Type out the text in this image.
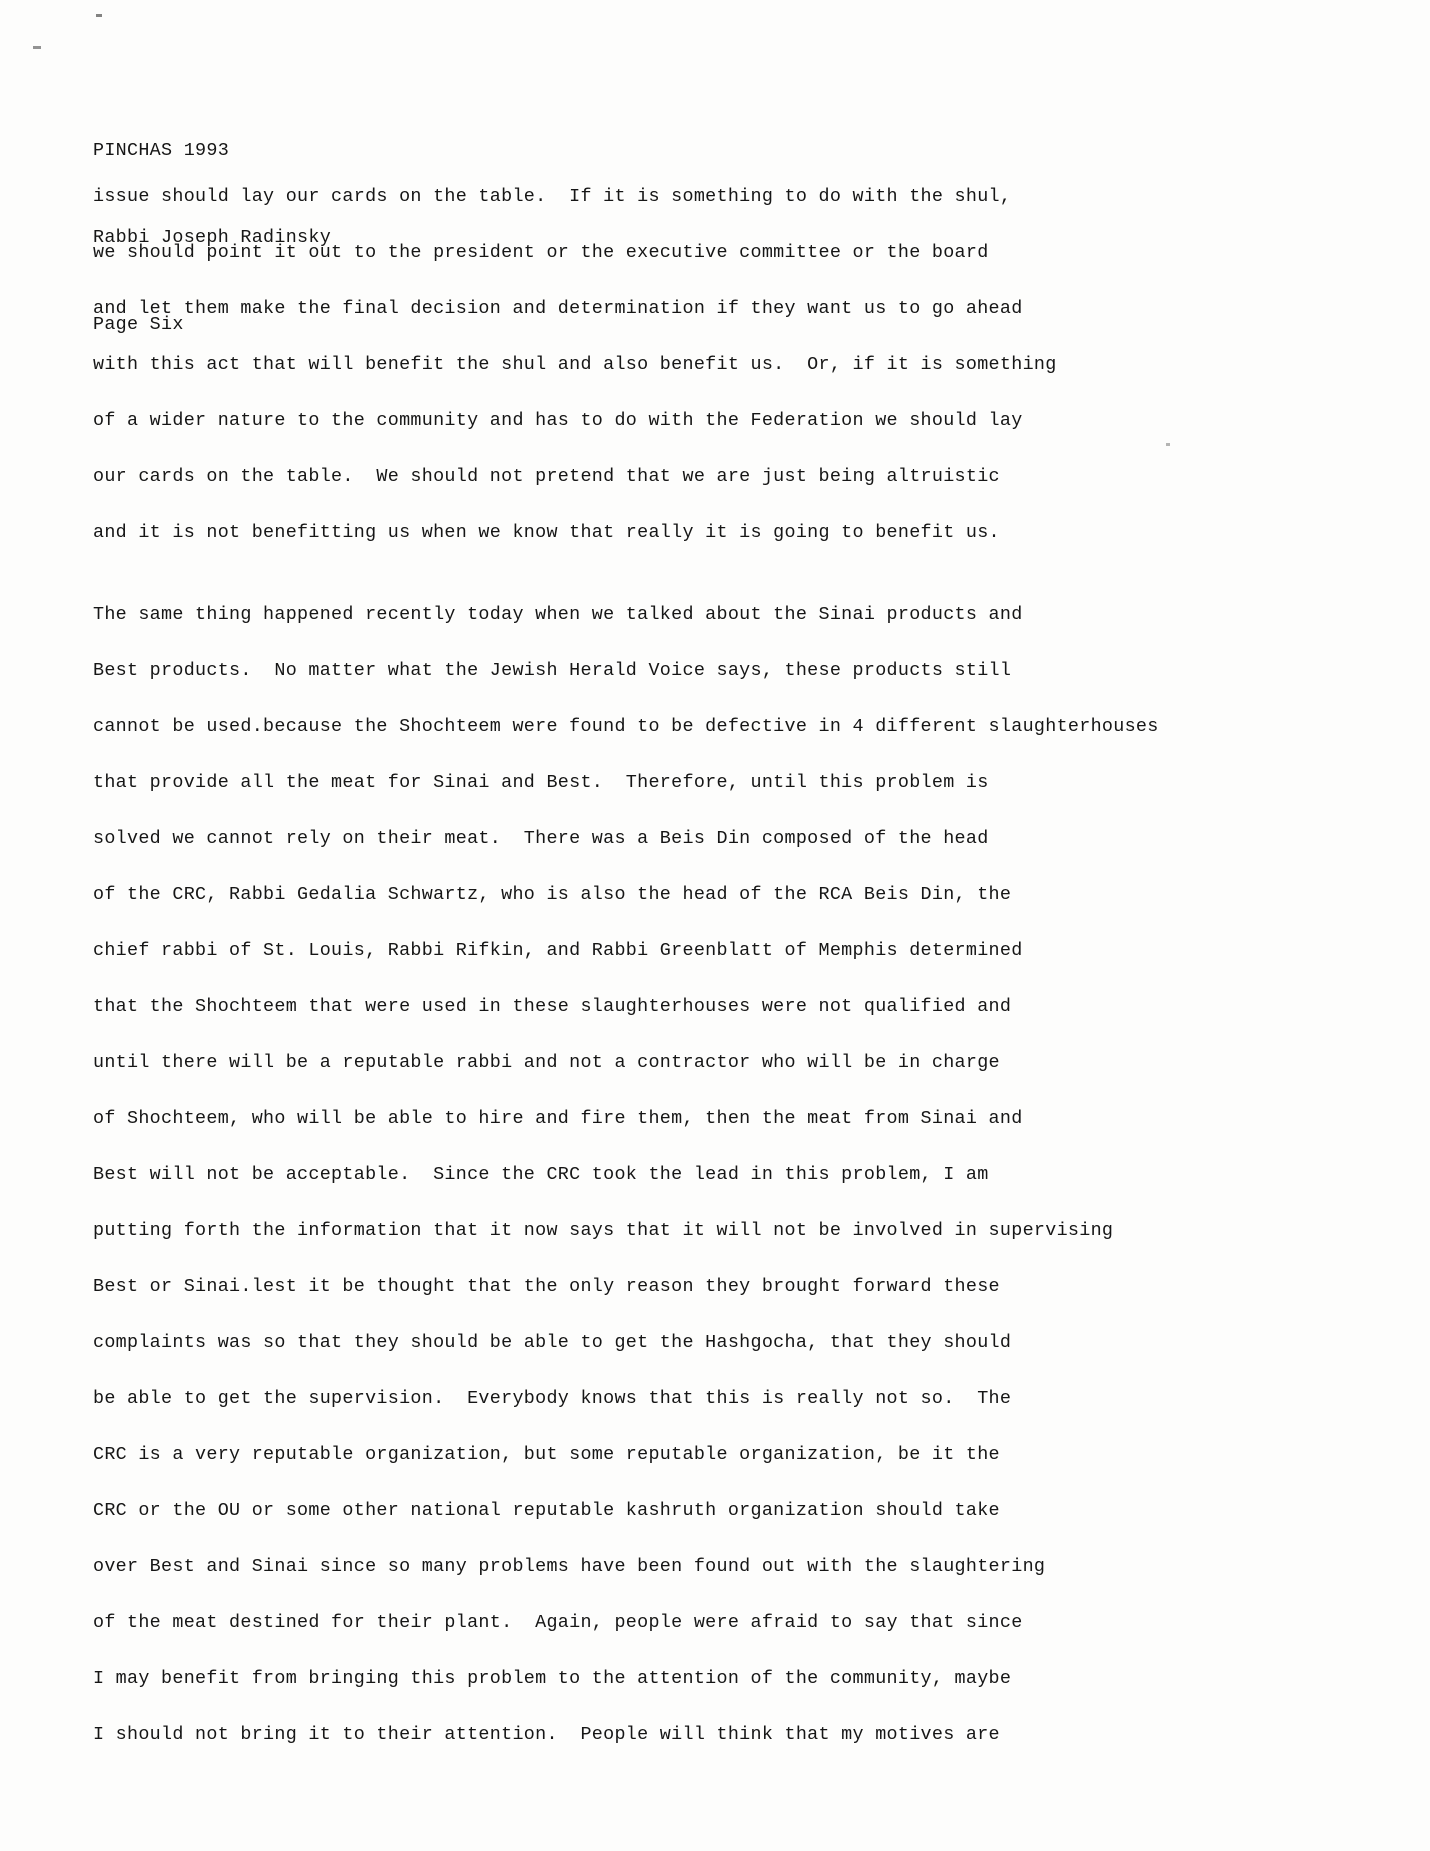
PINCHAS 1993

Rabbi Joseph Radinsky

Page Six

issue should lay our cards on the table.  If it is something to do with the shul,
we should point it out to the president or the executive committee or the board
and let them make the final decision and determination if they want us to go ahead
with this act that will benefit the shul and also benefit us.  Or, if it is something
of a wider nature to the community and has to do with the Federation we should lay
our cards on the table.  We should not pretend that we are just being altruistic
and it is not benefitting us when we know that really it is going to benefit us.
The same thing happened recently today when we talked about the Sinai products and
Best products.  No matter what the Jewish Herald Voice says, these products still
cannot be used.because the Shochteem were found to be defective in 4 different slaughterhouses
that provide all the meat for Sinai and Best.  Therefore, until this problem is
solved we cannot rely on their meat.  There was a Beis Din composed of the head
of the CRC, Rabbi Gedalia Schwartz, who is also the head of the RCA Beis Din, the
chief rabbi of St. Louis, Rabbi Rifkin, and Rabbi Greenblatt of Memphis determined
that the Shochteem that were used in these slaughterhouses were not qualified and
until there will be a reputable rabbi and not a contractor who will be in charge
of Shochteem, who will be able to hire and fire them, then the meat from Sinai and
Best will not be acceptable.  Since the CRC took the lead in this problem, I am
putting forth the information that it now says that it will not be involved in supervising
Best or Sinai.lest it be thought that the only reason they brought forward these
complaints was so that they should be able to get the Hashgocha, that they should
be able to get the supervision.  Everybody knows that this is really not so.  The
CRC is a very reputable organization, but some reputable organization, be it the
CRC or the OU or some other national reputable kashruth organization should take
over Best and Sinai since so many problems have been found out with the slaughtering
of the meat destined for their plant.  Again, people were afraid to say that since
I may benefit from bringing this problem to the attention of the community, maybe
I should not bring it to their attention.  People will think that my motives are
